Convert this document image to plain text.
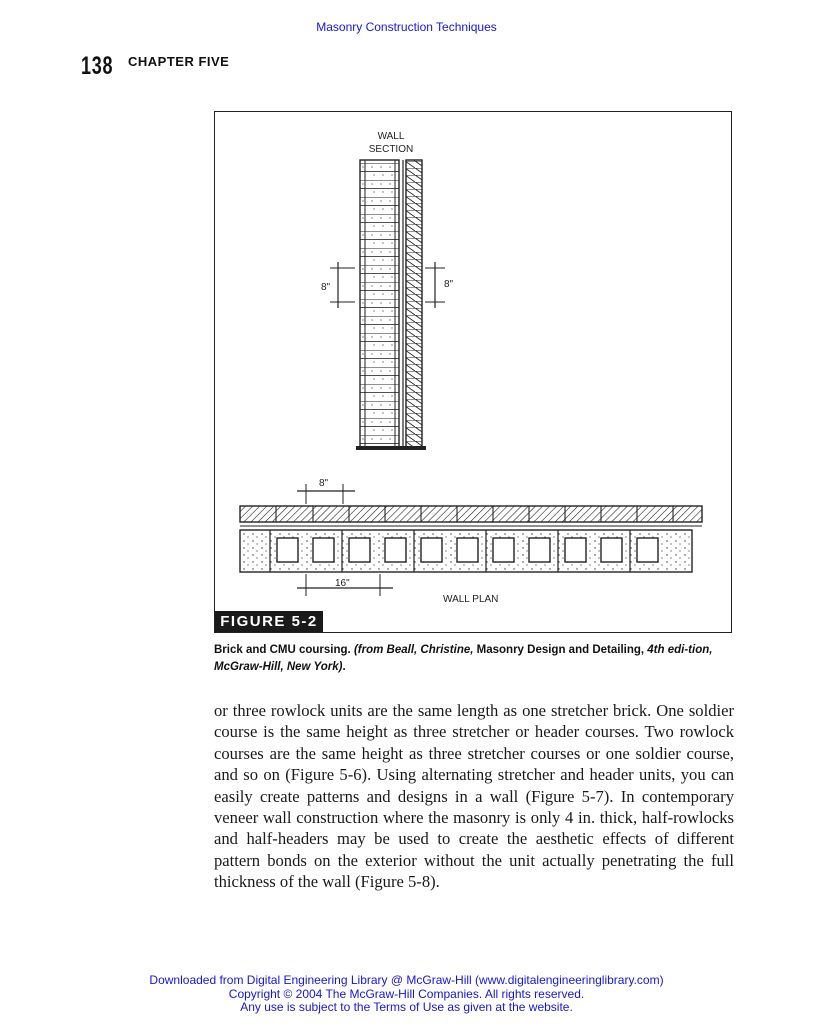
Masonry Construction Techniques
138 CHAPTER FIVE
WALL
SECTION
8"	8"
8"
16"
WALL PLAN
FIGURE 5-2
Brick and CMU coursing. (from Beall, Christine, Masonry Design and Detailing, 4th edi-tion, McGraw-Hill, New York).
or three rowlock units are the same length as one stretcher brick. One soldier course is the same height as three stretcher or header courses. Two rowlock courses are the same height as three stretcher courses or one soldier course, and so on (Figure 5-6). Using alternating stretcher and header units, you can easily create patterns and designs in a wall (Figure 5-7). In contemporary veneer wall construction where the masonry is only 4 in. thick, half-rowlocks and half-headers may be used to create the aesthetic effects of different pattern bonds on the exterior without the unit actually penetrating the full thickness of the wall (Figure 5-8).
Downloaded from Digital Engineering Library @ McGraw-Hill (www.digitalengineeringlibrary.com)
Copyright © 2004 The McGraw-Hill Companies. All rights reserved.
Any use is subject to the Terms of Use as given at the website.
